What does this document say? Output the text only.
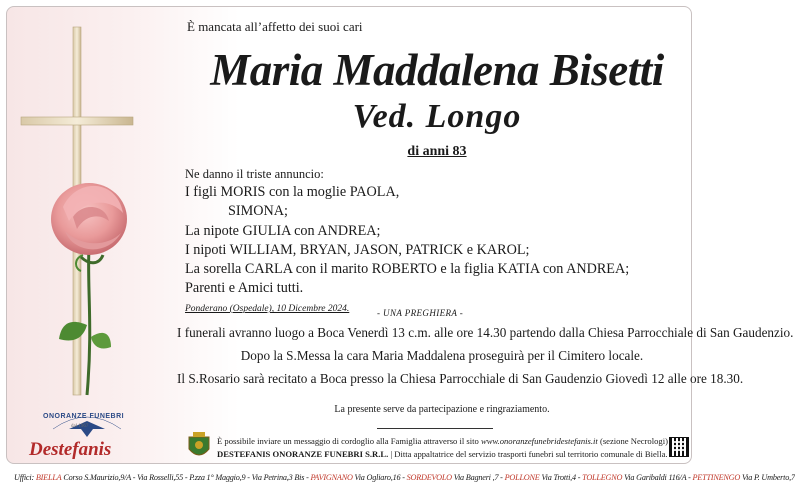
È mancata all’affetto dei suoi cari
Maria Maddalena Bisetti
Ved. Longo
di anni 83
Ne danno il triste annuncio:
I figli MORIS con la moglie PAOLA,
SIMONA;
La nipote GIULIA con ANDREA;
I nipoti WILLIAM, BRYAN, JASON, PATRICK e KAROL;
La sorella CARLA con il marito ROBERTO e la figlia KATIA con ANDREA;
Parenti e Amici tutti.
Ponderano (Ospedale), 10 Dicembre 2024.	- UNA PREGHIERA -
I funerali avranno luogo a Boca Venerdì 13 c.m. alle ore 14.30 partendo dalla Chiesa Parrocchiale di San Gaudenzio.
Dopo la S.Messa la cara Maria Maddalena proseguirà per il Cimitero locale.
Il S.Rosario sarà recitato a Boca presso la Chiesa Parrocchiale di San Gaudenzio Giovedì 12 alle ore 18.30.
La presente serve da partecipazione e ringraziamento.
ONORANZE FUNEBRI
dal 1967
Destefanis	È possibile inviare un messaggio di cordoglio alla Famiglia attraverso il sito www.onoranzefunebridestefanis.it (sezione Necrologi)
DESTEFANIS ONORANZE FUNEBRI S.R.L. | Ditta appaltatrice del servizio trasporti funebri sul territorio comunale di Biella.
Uffici: BIELLA Corso S.Maurizio,9/A - Via Rosselli,55 - P.zza 1° Maggio,9 - Via Petrina,3 Bis - PAVIGNANO Via Ogliaro,16 - SORDEVOLO Via Bagneri ,7 - POLLONE Via Trotti,4 - TOLLEGNO Via Garibaldi 116/A - PETTINENGO Via P. Umberto,7
